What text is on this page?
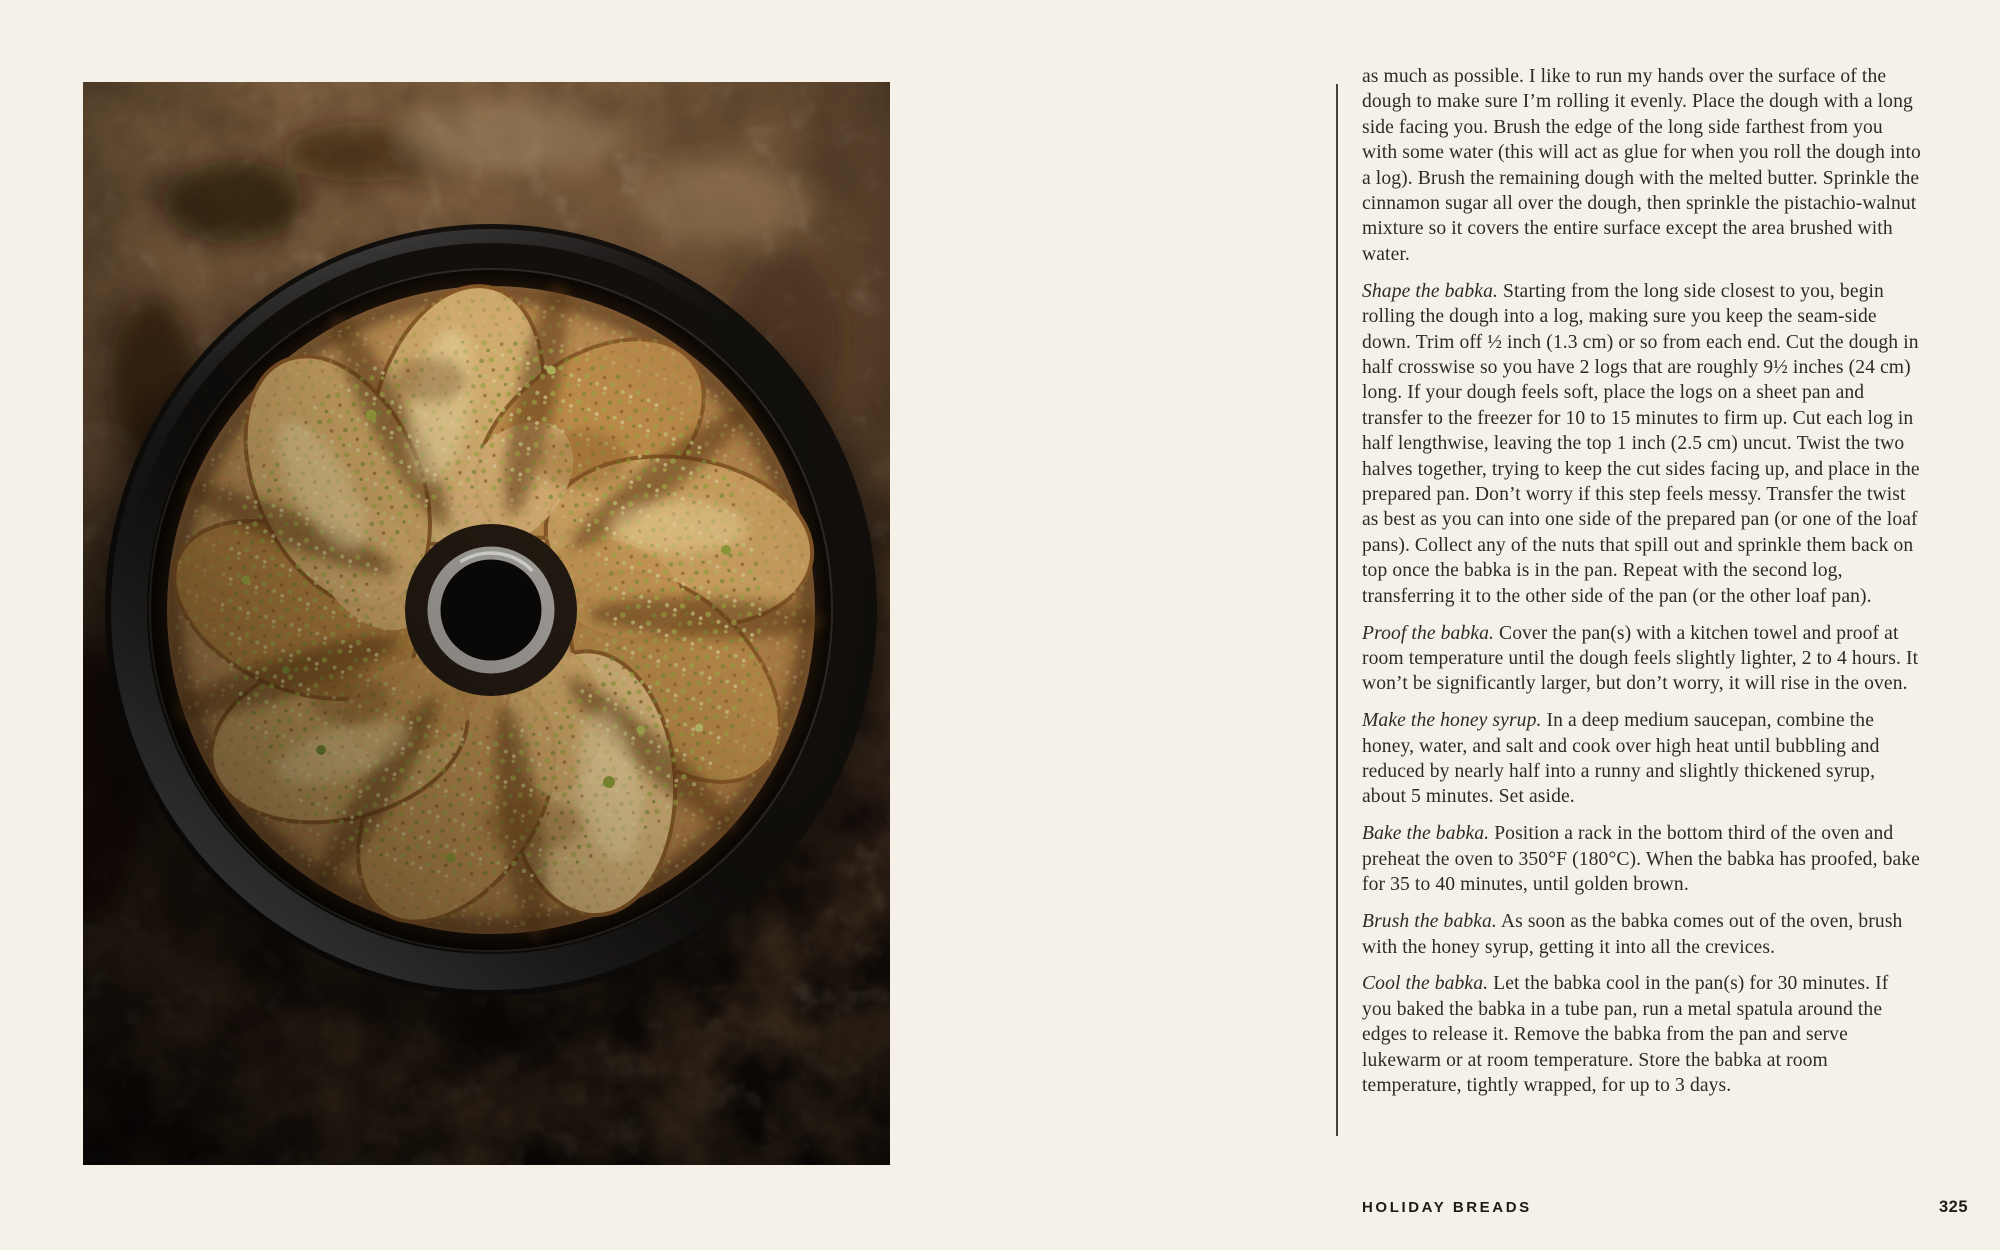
as much as possible. I like to run my hands over the surface of the dough to make sure I’m rolling it evenly. Place the dough with a long side facing you. Brush the edge of the long side farthest from you with some water (this will act as glue for when you roll the dough into a log). Brush the remaining dough with the melted butter. Sprinkle the cinnamon sugar all over the dough, then sprinkle the pistachio-walnut mixture so it covers the entire surface except the area brushed with water.

Shape the babka. Starting from the long side closest to you, begin rolling the dough into a log, making sure you keep the seam-side down. Trim off ½ inch (1.3 cm) or so from each end. Cut the dough in half crosswise so you have 2 logs that are roughly 9½ inches (24 cm) long. If your dough feels soft, place the logs on a sheet pan and transfer to the freezer for 10 to 15 minutes to firm up. Cut each log in half lengthwise, leaving the top 1 inch (2.5 cm) uncut. Twist the two halves together, trying to keep the cut sides facing up, and place in the prepared pan. Don’t worry if this step feels messy. Transfer the twist as best as you can into one side of the prepared pan (or one of the loaf pans). Collect any of the nuts that spill out and sprinkle them back on top once the babka is in the pan. Repeat with the second log, transferring it to the other side of the pan (or the other loaf pan).

Proof the babka. Cover the pan(s) with a kitchen towel and proof at room temperature until the dough feels slightly lighter, 2 to 4 hours. It won’t be significantly larger, but don’t worry, it will rise in the oven.

Make the honey syrup. In a deep medium saucepan, combine the honey, water, and salt and cook over high heat until bubbling and reduced by nearly half into a runny and slightly thickened syrup, about 5 minutes. Set aside.

Bake the babka. Position a rack in the bottom third of the oven and preheat the oven to 350°F (180°C). When the babka has proofed, bake for 35 to 40 minutes, until golden brown.

Brush the babka. As soon as the babka comes out of the oven, brush with the honey syrup, getting it into all the crevices.

Cool the babka. Let the babka cool in the pan(s) for 30 minutes. If you baked the babka in a tube pan, run a metal spatula around the edges to release it. Remove the babka from the pan and serve lukewarm or at room temperature. Store the babka at room temperature, tightly wrapped, for up to 3 days.

HOLIDAY BREADS	325
